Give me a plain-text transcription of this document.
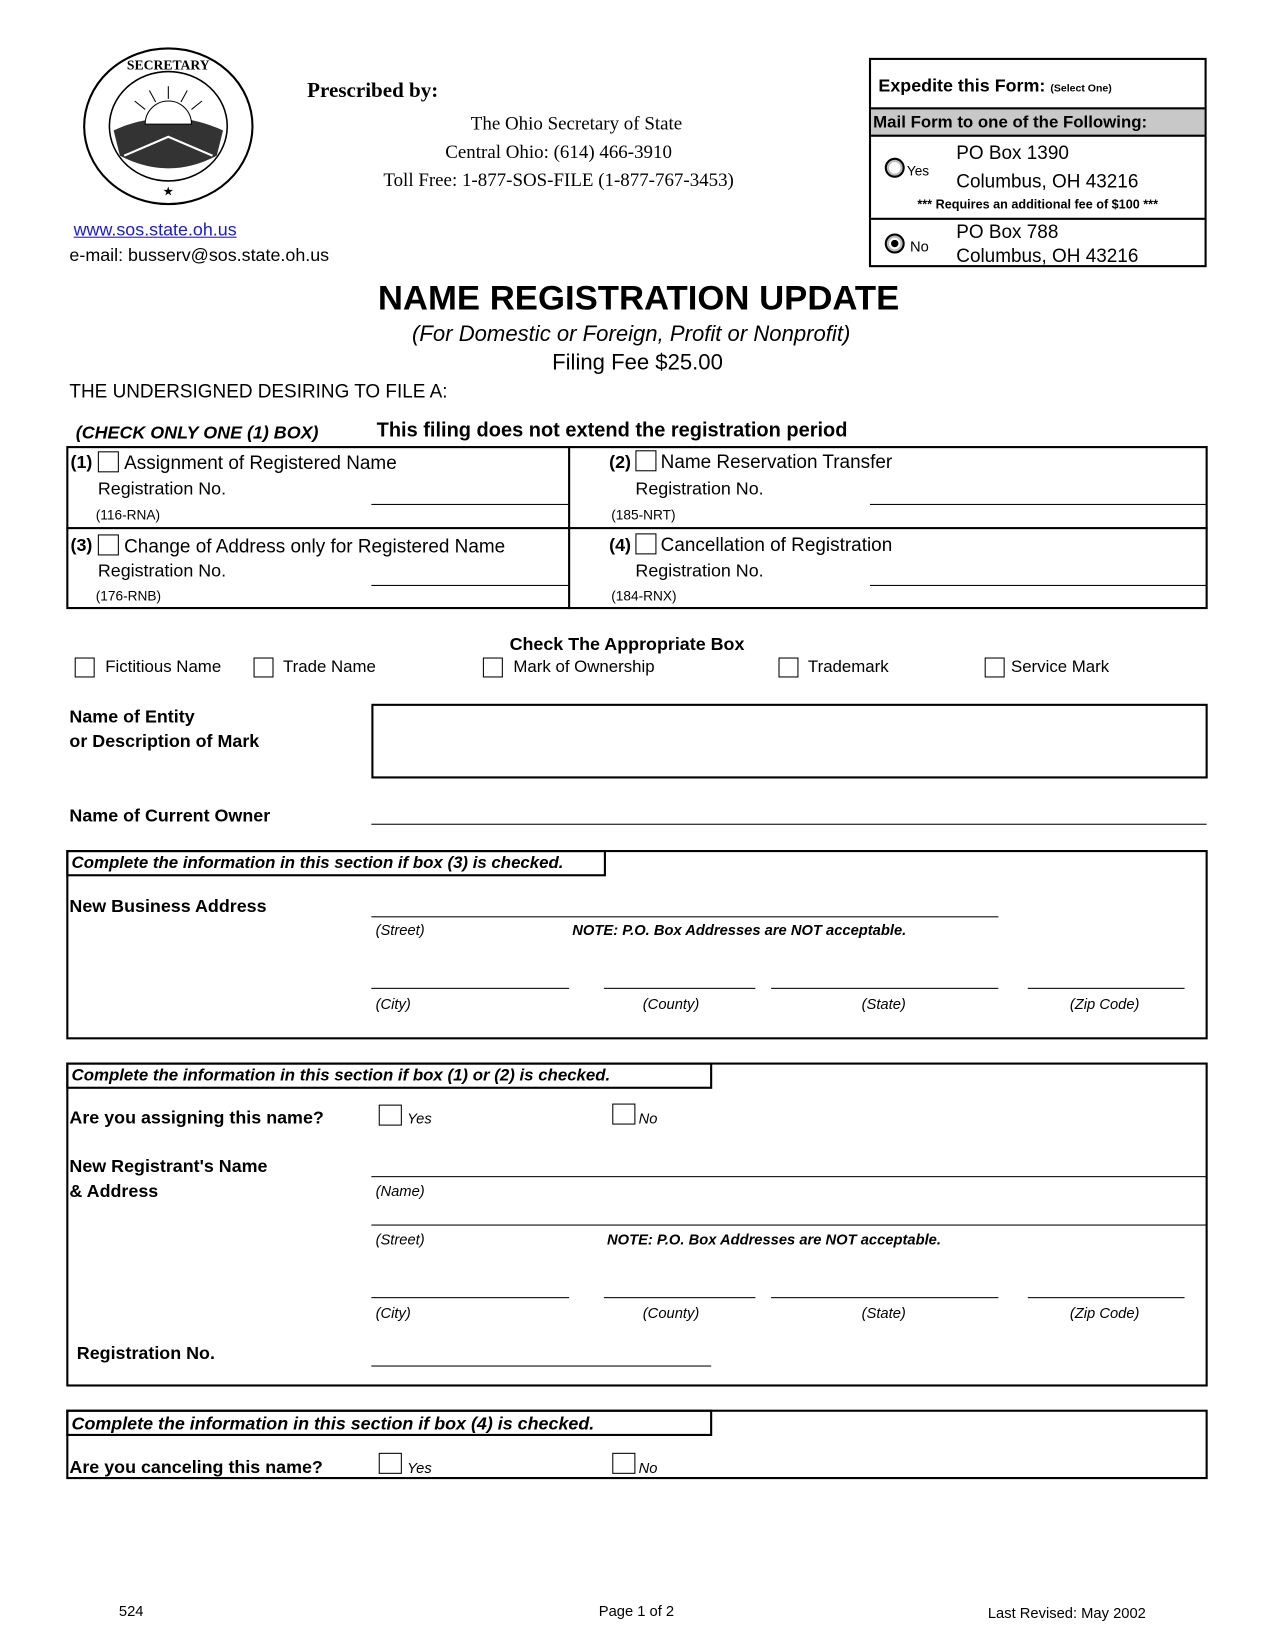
SECRETARY
★
Prescribed by:
The Ohio Secretary of State
Central Ohio: (614) 466-3910
Toll Free: 1-877-SOS-FILE (1-877-767-3453)
www.sos.state.oh.us
e-mail: busserv@sos.state.oh.us
Expedite this Form: (Select One)
Mail Form to one of the Following:
Yes
PO Box 1390
Columbus, OH 43216
*** Requires an additional fee of $100 ***
No
PO Box 788
Columbus, OH 43216
NAME REGISTRATION UPDATE
(For Domestic or Foreign, Profit or Nonprofit)
Filing Fee $25.00
THE UNDERSIGNED DESIRING TO FILE A:
(CHECK ONLY ONE (1) BOX)	This filing does not extend the registration period
(1) Assignment of Registered Name
Registration No.
(116-RNA)
(2) Name Reservation Transfer
Registration No.
(185-NRT)
(3) Change of Address only for Registered Name
Registration No.
(176-RNB)
(4) Cancellation of Registration
Registration No.
(184-RNX)
Check The Appropriate Box
Fictitious Name	Trade Name	Mark of Ownership	Trademark	Service Mark
Name of Entity
or Description of Mark
Name of Current Owner
Complete the information in this section if box (3) is checked.
New Business Address
(Street)	NOTE: P.O. Box Addresses are NOT acceptable.
(City)	(County)	(State)	(Zip Code)
Complete the information in this section if box (1) or (2) is checked.
Are you assigning this name?	Yes	No
New Registrant's Name
& Address	(Name)
(Street)	NOTE: P.O. Box Addresses are NOT acceptable.
(City)	(County)	(State)	(Zip Code)
Registration No.
Complete the information in this section if box (4) is checked.
Are you canceling this name?	Yes	No
524	Page 1 of 2	Last Revised: May 2002
